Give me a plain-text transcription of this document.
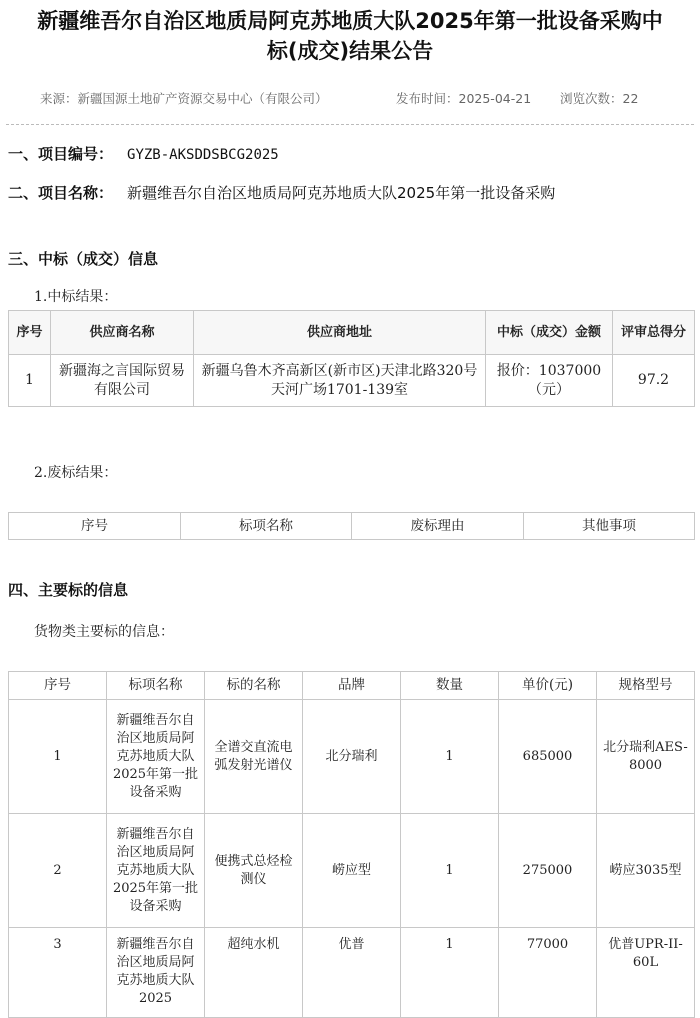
新疆维吾尔自治区地质局阿克苏地质大队2025年第一批设备采购中
标(成交)结果公告
来源：新疆国源土地矿产资源交易中心（有限公司）	发布时间：2025-04-21 浏览次数：22
一、项目编号： GYZB-AKSDDSBCG2025
二、项目名称： 新疆维吾尔自治区地质局阿克苏地质大队2025年第一批设备采购
三、中标（成交）信息
1.中标结果：
序号	供应商名称	供应商地址	中标（成交）金额	评审总得分
1	新疆海之言国际贸易有限公司	新疆乌鲁木齐高新区(新市区)天津北路320号天河广场1701-139室	报价：1037000（元）	97.2
2.废标结果：
序号	标项名称	废标理由	其他事项
四、主要标的信息
货物类主要标的信息：
序号	标项名称	标的名称	品牌	数量	单价(元)	规格型号
1	新疆维吾尔自治区地质局阿克苏地质大队2025年第一批设备采购	全谱交直流电弧发射光谱仪	北分瑞利	1	685000	北分瑞利AES-8000
2	新疆维吾尔自治区地质局阿克苏地质大队2025年第一批设备采购	便携式总烃检测仪	崂应型	1	275000	崂应3035型
3	新疆维吾尔自治区地质局阿克苏地质大队2025	超纯水机	优普	1	77000	优普UPR-II-60L
